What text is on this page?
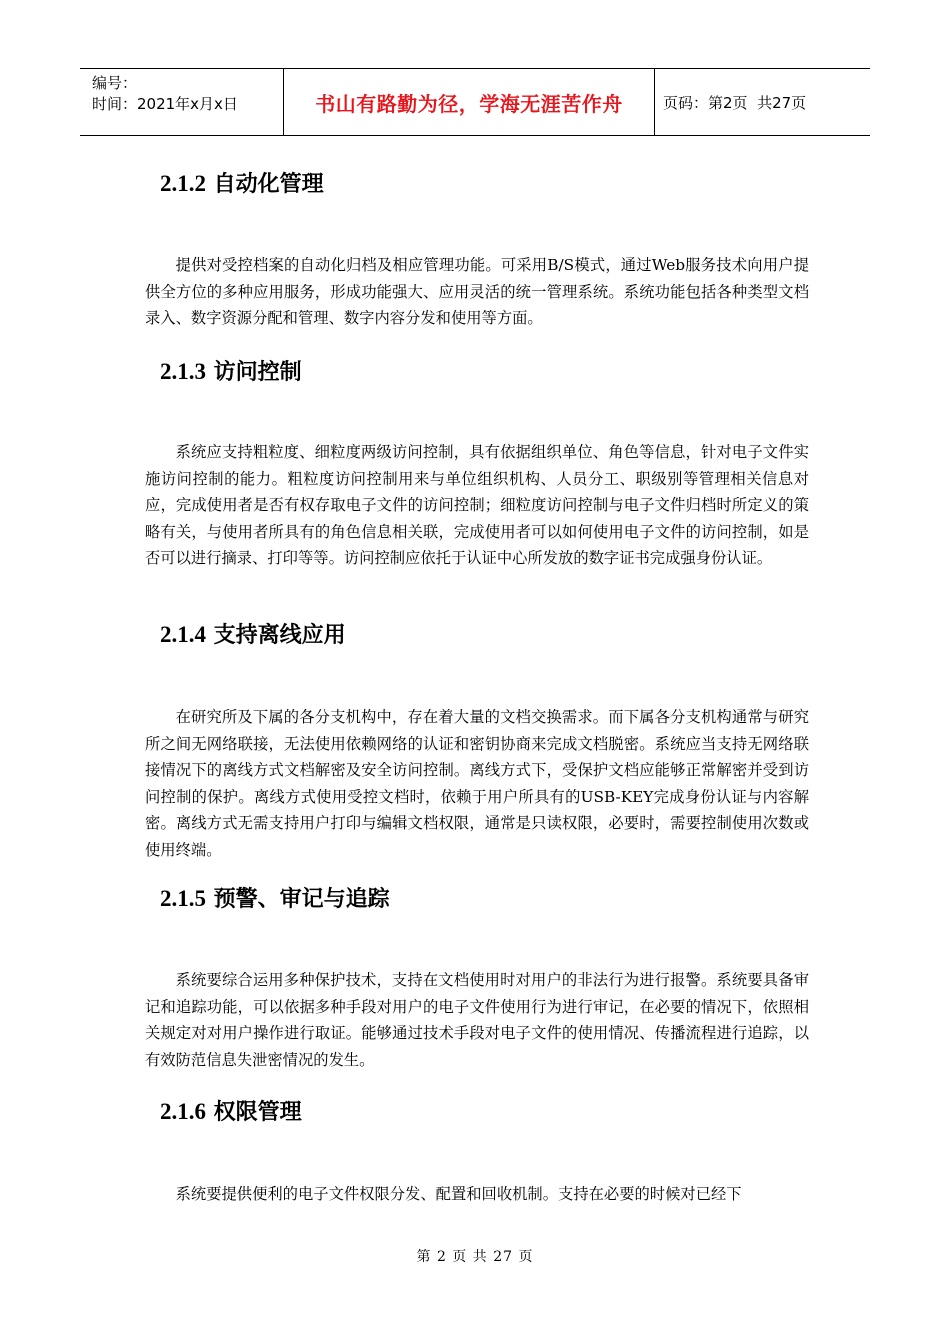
编号：
时间：2021年x月x日	书山有路勤为径，学海无涯苦作舟	页码：第2页  共27页
2.1.2 自动化管理

提供对受控档案的自动化归档及相应管理功能。可采用B/S模式，通过Web服务技术向用户提供全方位的多种应用服务，形成功能强大、应用灵活的统一管理系统。系统功能包括各种类型文档录入、数字资源分配和管理、数字内容分发和使用等方面。

2.1.3 访问控制

系统应支持粗粒度、细粒度两级访问控制，具有依据组织单位、角色等信息，针对电子文件实施访问控制的能力。粗粒度访问控制用来与单位组织机构、人员分工、职级别等管理相关信息对应，完成使用者是否有权存取电子文件的访问控制；细粒度访问控制与电子文件归档时所定义的策略有关，与使用者所具有的角色信息相关联，完成使用者可以如何使用电子文件的访问控制，如是否可以进行摘录、打印等等。访问控制应依托于认证中心所发放的数字证书完成强身份认证。

2.1.4 支持离线应用

在研究所及下属的各分支机构中，存在着大量的文档交换需求。而下属各分支机构通常与研究所之间无网络联接，无法使用依赖网络的认证和密钥协商来完成文档脱密。系统应当支持无网络联接情况下的离线方式文档解密及安全访问控制。离线方式下，受保护文档应能够正常解密并受到访问控制的保护。离线方式使用受控文档时，依赖于用户所具有的USB-KEY完成身份认证与内容解密。离线方式无需支持用户打印与编辑文档权限，通常是只读权限，必要时，需要控制使用次数或使用终端。

2.1.5 预警、审记与追踪

系统要综合运用多种保护技术，支持在文档使用时对用户的非法行为进行报警。系统要具备审记和追踪功能，可以依据多种手段对用户的电子文件使用行为进行审记，在必要的情况下，依照相关规定对对用户操作进行取证。能够通过技术手段对电子文件的使用情况、传播流程进行追踪，以有效防范信息失泄密情况的发生。

2.1.6 权限管理

系统要提供便利的电子文件权限分发、配置和回收机制。支持在必要的时候对已经下

第 2 页 共 27 页
